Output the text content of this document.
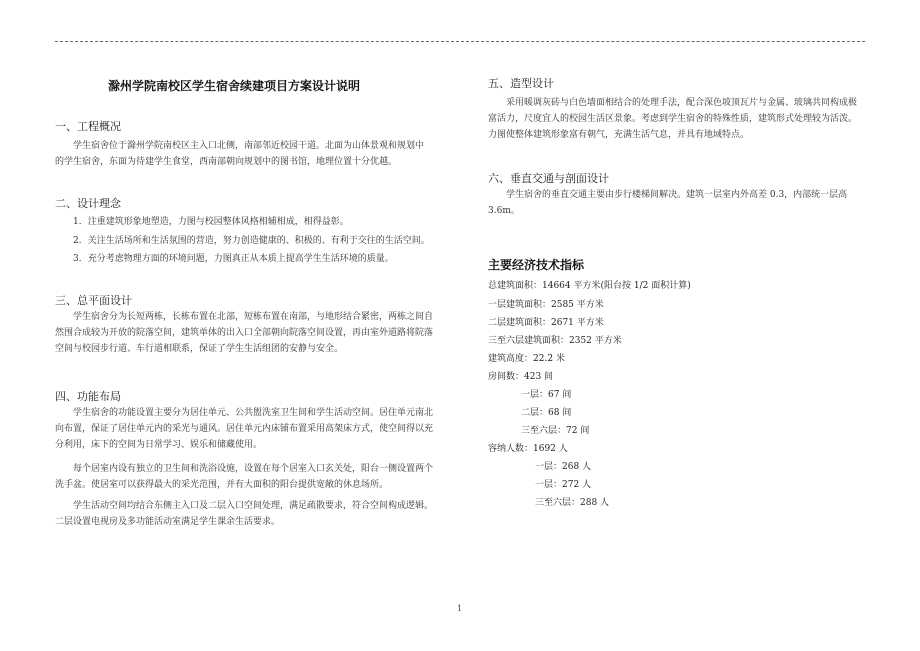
滁州学院南校区学生宿舍续建项目方案设计说明
一、工程概况
学生宿舍位于滁州学院南校区主入口北侧，南部邻近校园干道。北面为山体景观和规划中的学生宿舍，东面为待建学生食堂，西南部朝向规划中的图书馆，地理位置十分优越。
二、设计理念
1．注重建筑形象地塑造，力图与校园整体风格相辅相成，相得益彰。
2．关注生活场所和生活氛围的营造，努力创造健康的、积极的、有利于交往的生活空间。
3．充分考虑物理方面的环境问题，力图真正从本质上提高学生生活环境的质量。
三、总平面设计
学生宿舍分为长短两栋，长栋布置在北部，短栋布置在南部，与地形结合紧密，两栋之间自然围合成较为开放的院落空间，建筑单体的出入口全部朝向院落空间设置，再由室外道路将院落空间与校园步行道、车行道相联系，保证了学生生活组团的安静与安全。
四、功能布局
学生宿舍的功能设置主要分为居住单元、公共盥洗室卫生间和学生活动空间。居住单元南北向布置，保证了居住单元内的采光与通风。居住单元内床铺布置采用高架床方式，使空间得以充分利用，床下的空间为日常学习、娱乐和储藏使用。
每个居室内设有独立的卫生间和洗浴设施，设置在每个居室入口玄关处，阳台一侧设置两个洗手盆。使居室可以获得最大的采光范围，并有大面积的阳台提供宽敞的休息场所。
学生活动空间均结合东侧主入口及二层入口空间处理，满足疏散要求，符合空间构成逻辑。二层设置电视房及多功能活动室满足学生课余生活要求。
五、造型设计
采用暖调灰砖与白色墙面相结合的处理手法，配合深色坡顶瓦片与金属、玻璃共同构成极富活力，尺度宜人的校园生活区景象。考虑到学生宿舍的特殊性质，建筑形式处理较为活泼。力图使整体建筑形象富有朝气，充满生活气息，并具有地域特点。
六、垂直交通与剖面设计
学生宿舍的垂直交通主要由步行楼梯间解决。建筑一层室内外高差 0.3，内部统一层高 3.6m。
主要经济技术指标
总建筑面积：14664 平方米(阳台按 1/2 面积计算)
一层建筑面积：2585 平方米
二层建筑面积：2671 平方米
三至六层建筑面积：2352 平方米
建筑高度：22.2 米
房间数：423 间
一层：67 间
二层：68 间
三至六层：72 间
容纳人数：1692 人
一层：268 人
一层：272 人
三至六层：288 人
1
